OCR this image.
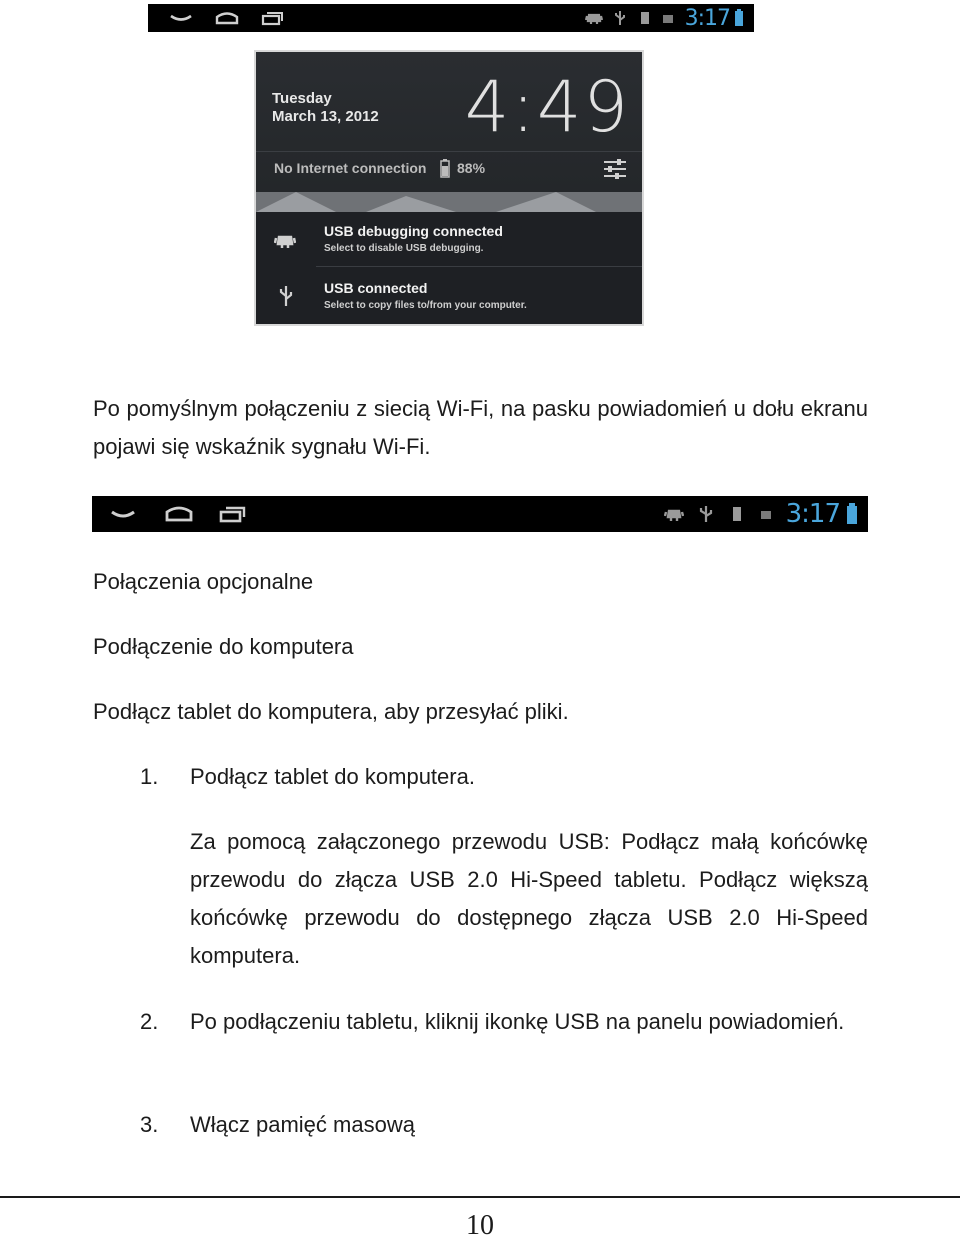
3:17
Tuesday
March 13, 2012 4:49
No Internet connection 88%
USB debugging connected
Select to disable USB debugging.
USB connected
Select to copy files to/from your computer.
Po pomyślnym połączeniu z siecią Wi-Fi, na pasku powiadomień u dołu ekranu pojawi się wskaźnik sygnału Wi-Fi.
3:17
Połączenia opcjonalne
Podłączenie do komputera
Podłącz tablet do komputera, aby przesyłać pliki.
1. Podłącz tablet do komputera.
Za pomocą załączonego przewodu USB: Podłącz małą końcówkę przewodu do złącza USB 2.0 Hi-Speed tabletu. Podłącz większą końcówkę przewodu do dostępnego złącza USB 2.0 Hi-Speed komputera.
2. Po podłączeniu tabletu, kliknij ikonkę USB na panelu powiadomień.
3. Włącz pamięć masową
10
